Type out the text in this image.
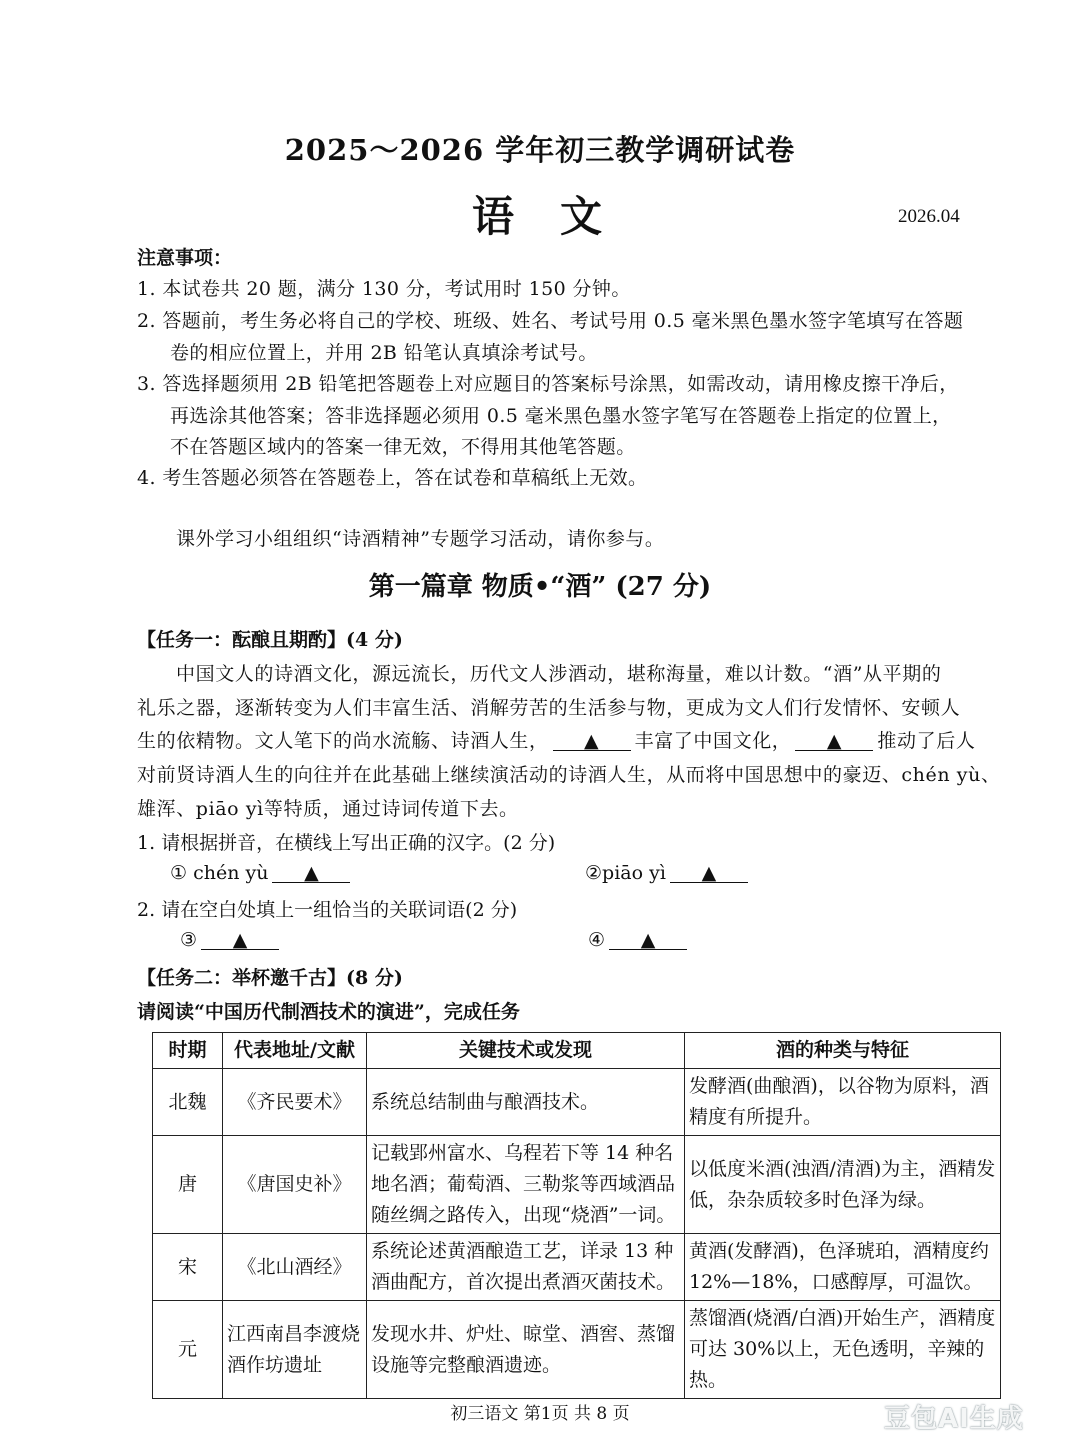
2025～2026 学年初三教学调研试卷
语文	2026.04
注意事项：
1. 本试卷共 20 题，满分 130 分，考试用时 150 分钟。
2. 答题前，考生务必将自己的学校、班级、姓名、考试号用 0.5 毫米黑色墨水签字笔填写在答题
卷的相应位置上，并用 2B 铅笔认真填涂考试号。
3. 答选择题须用 2B 铅笔把答题卷上对应题目的答案标号涂黑，如需改动，请用橡皮擦干净后，
再选涂其他答案；答非选择题必须用 0.5 毫米黑色墨水签字笔写在答题卷上指定的位置上，
不在答题区域内的答案一律无效，不得用其他笔答题。
4. 考生答题必须答在答题卷上，答在试卷和草稿纸上无效。
课外学习小组组织“诗酒精神”专题学习活动，请你参与。
第一篇章 物质•“酒” (27 分)
【任务一：酝酿且期酌】(4 分)
中国文人的诗酒文化，源远流长，历代文人涉酒动，堪称海量，难以计数。“酒”从平期的
礼乐之器，逐渐转变为人们丰富生活、消解劳苦的生活参与物，更成为文人们行发情怀、安顿人
生的依精物。文人笔下的尚水流觞、诗酒人生， ▲ 丰富了中国文化， ▲ 推动了后人
对前贤诗酒人生的向往并在此基础上继续演活动的诗酒人生，从而将中国思想中的豪迈、chén yù、
雄浑、piāo yì等特质，通过诗词传道下去。
1. 请根据拼音，在横线上写出正确的汉字。(2 分)
① chén yù ▲	②piāo yì ▲
2. 请在空白处填上一组恰当的关联词语(2 分)
③ ▲	④ ▲
【任务二：举杯邀千古】(8 分)
请阅读“中国历代制酒技术的演进”，完成任务
时期	代表地址/文献	关键技术或发现	酒的种类与特征
北魏	《齐民要术》	系统总结制曲与酿酒技术。	发酵酒(曲酿酒)，以谷物为原料，酒精度有所提升。
唐	《唐国史补》	记载郢州富水、乌程若下等 14 种名地名酒；葡萄酒、三勒浆等西域酒品随丝绸之路传入，出现“烧酒”一词。	以低度米酒(浊酒/清酒)为主，酒精发低，杂杂质较多时色泽为绿。
宋	《北山酒经》	系统论述黄酒酿造工艺，详录 13 种酒曲配方，首次提出煮酒灭菌技术。	黄酒(发酵酒)，色泽琥珀，酒精度约 12%—18%，口感醇厚，可温饮。
元	江西南昌李渡烧酒作坊遗址	发现水井、炉灶、晾堂、酒窖、蒸馏设施等完整酿酒遗迹。	蒸馏酒(烧酒/白酒)开始生产，酒精度可达 30%以上，无色透明，辛辣的热。
初三语文 第1页 共 8 页	豆包AI生成
